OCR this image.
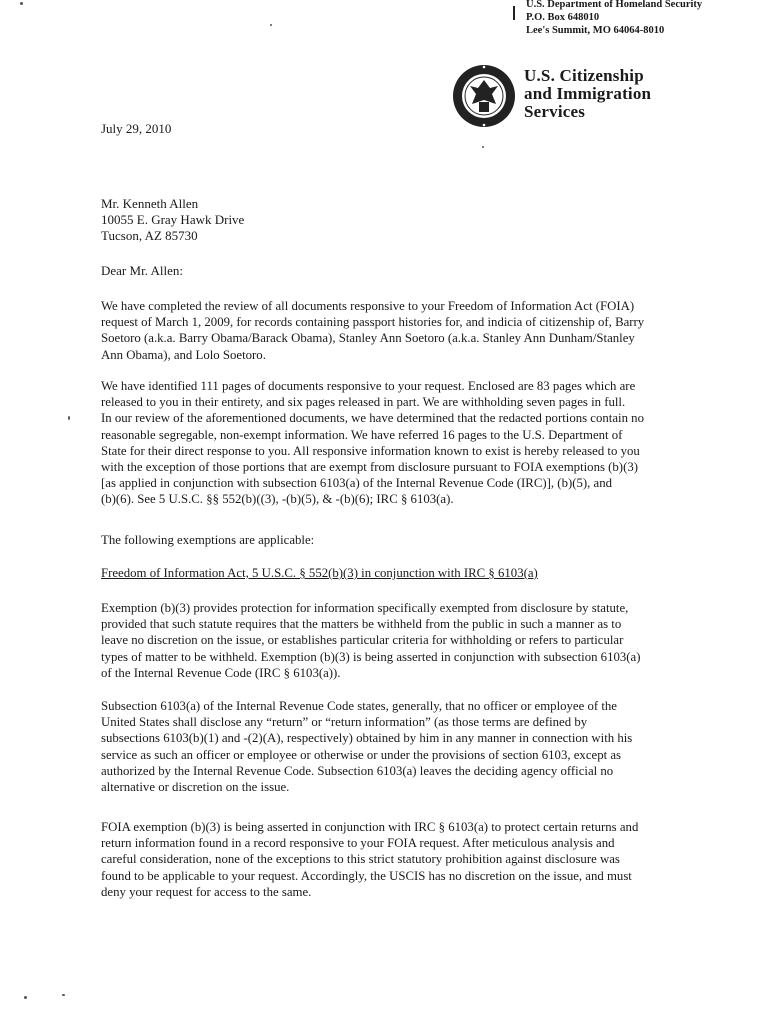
U.S. Department of Homeland Security
P.O. Box 648010
Lee's Summit, MO 64064-8010
U.S. Citizenship
and Immigration
Services
July 29, 2010
Mr. Kenneth Allen
10055 E. Gray Hawk Drive
Tucson, AZ 85730
Dear Mr. Allen:
We have completed the review of all documents responsive to your Freedom of Information Act (FOIA)
request of March 1, 2009, for records containing passport histories for, and indicia of citizenship of, Barry
Soetoro (a.k.a. Barry Obama/Barack Obama), Stanley Ann Soetoro (a.k.a. Stanley Ann Dunham/Stanley
Ann Obama), and Lolo Soetoro.
We have identified 111 pages of documents responsive to your request. Enclosed are 83 pages which are
released to you in their entirety, and six pages released in part. We are withholding seven pages in full.
In our review of the aforementioned documents, we have determined that the redacted portions contain no
reasonable segregable, non-exempt information. We have referred 16 pages to the U.S. Department of
State for their direct response to you. All responsive information known to exist is hereby released to you
with the exception of those portions that are exempt from disclosure pursuant to FOIA exemptions (b)(3)
[as applied in conjunction with subsection 6103(a) of the Internal Revenue Code (IRC)], (b)(5), and
(b)(6). See 5 U.S.C. §§ 552(b)((3), -(b)(5), & -(b)(6); IRC § 6103(a).
The following exemptions are applicable:
Freedom of Information Act, 5 U.S.C. § 552(b)(3) in conjunction with IRC § 6103(a)
Exemption (b)(3) provides protection for information specifically exempted from disclosure by statute,
provided that such statute requires that the matters be withheld from the public in such a manner as to
leave no discretion on the issue, or establishes particular criteria for withholding or refers to particular
types of matter to be withheld. Exemption (b)(3) is being asserted in conjunction with subsection 6103(a)
of the Internal Revenue Code (IRC § 6103(a)).
Subsection 6103(a) of the Internal Revenue Code states, generally, that no officer or employee of the
United States shall disclose any “return” or “return information” (as those terms are defined by
subsections 6103(b)(1) and -(2)(A), respectively) obtained by him in any manner in connection with his
service as such an officer or employee or otherwise or under the provisions of section 6103, except as
authorized by the Internal Revenue Code. Subsection 6103(a) leaves the deciding agency official no
alternative or discretion on the issue.
FOIA exemption (b)(3) is being asserted in conjunction with IRC § 6103(a) to protect certain returns and
return information found in a record responsive to your FOIA request. After meticulous analysis and
careful consideration, none of the exceptions to this strict statutory prohibition against disclosure was
found to be applicable to your request. Accordingly, the USCIS has no discretion on the issue, and must
deny your request for access to the same.
